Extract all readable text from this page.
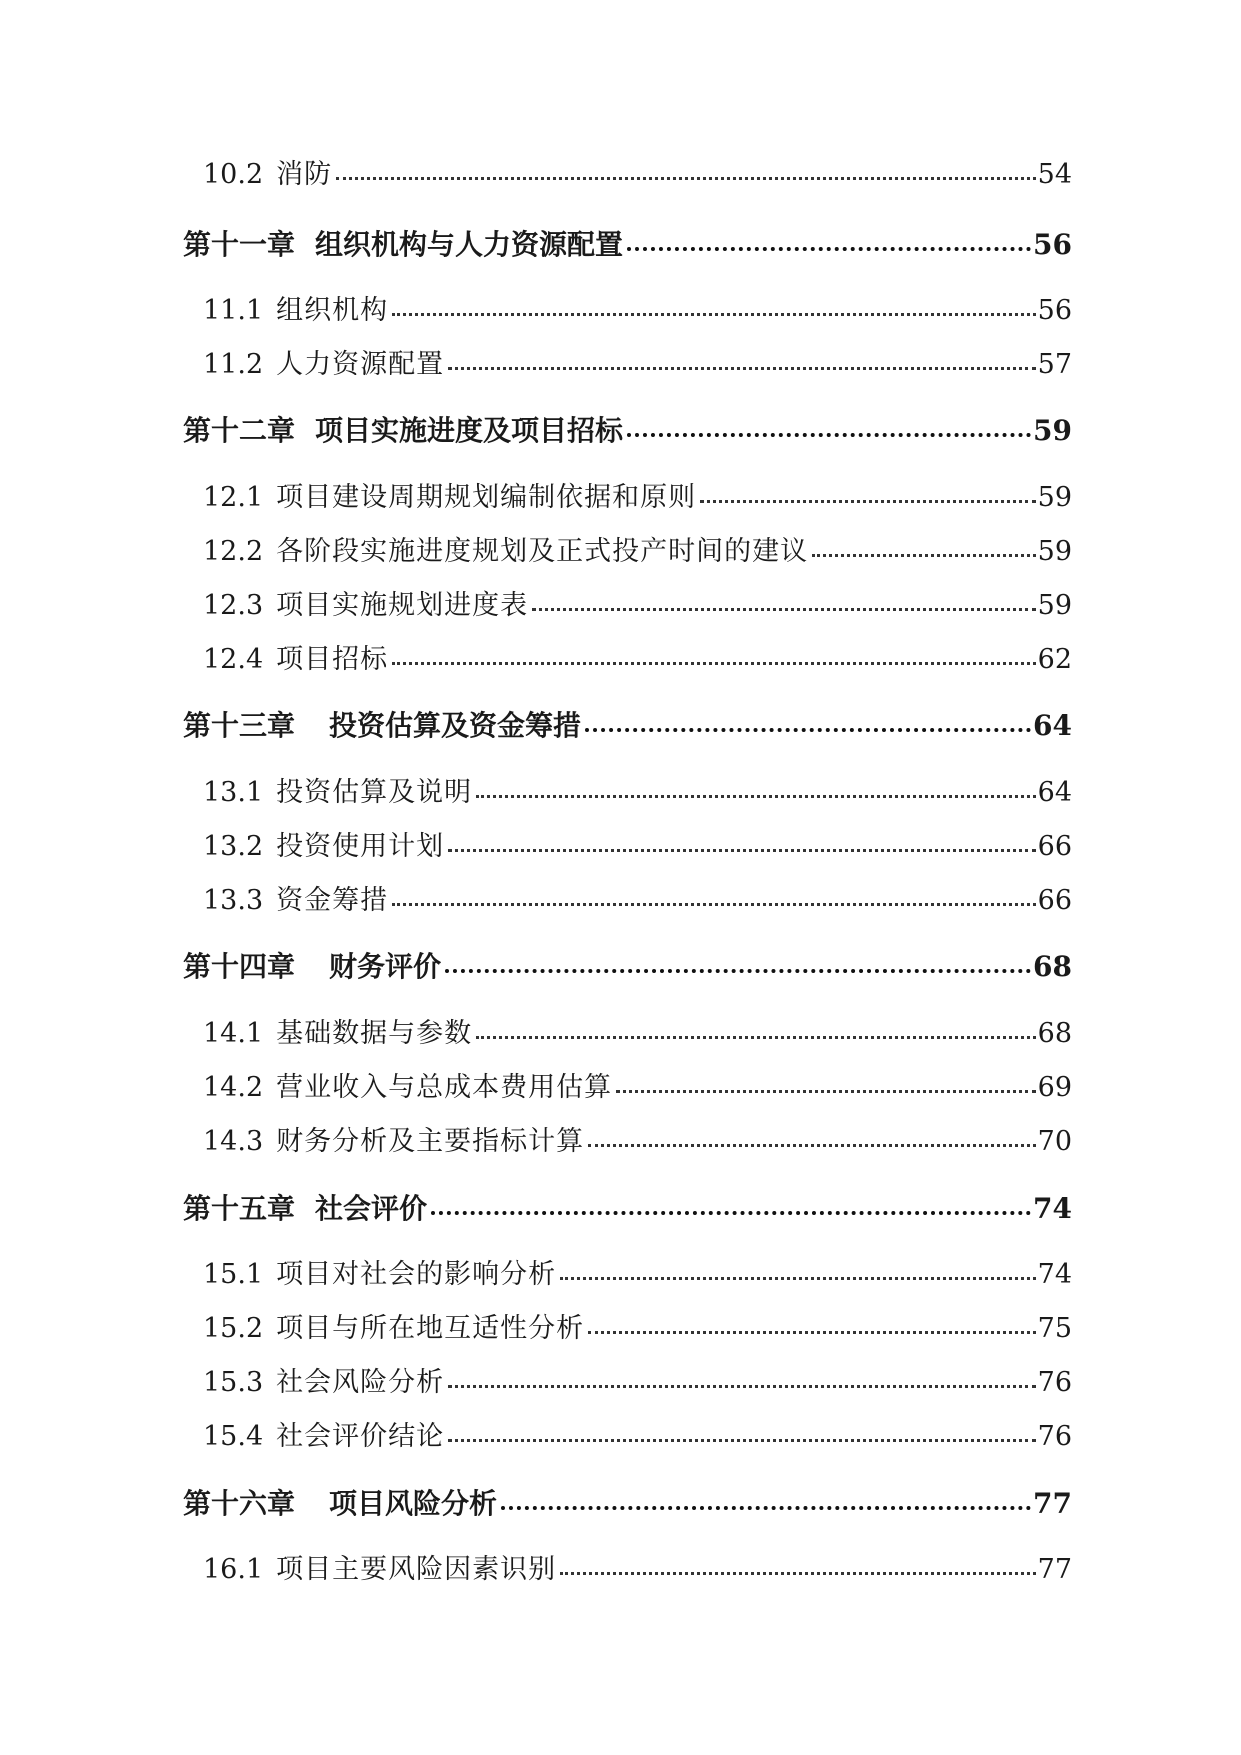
10.2 消防	54
第十一章 组织机构与人力资源配置	56
11.1 组织机构	56
11.2 人力资源配置	57
第十二章 项目实施进度及项目招标	59
12.1 项目建设周期规划编制依据和原则	59
12.2 各阶段实施进度规划及正式投产时间的建议	59
12.3 项目实施规划进度表	59
12.4 项目招标	62
第十三章 投资估算及资金筹措	64
13.1 投资估算及说明	64
13.2 投资使用计划	66
13.3 资金筹措	66
第十四章 财务评价	68
14.1 基础数据与参数	68
14.2 营业收入与总成本费用估算	69
14.3 财务分析及主要指标计算	70
第十五章 社会评价	74
15.1 项目对社会的影响分析	74
15.2 项目与所在地互适性分析	75
15.3 社会风险分析	76
15.4 社会评价结论	76
第十六章 项目风险分析	77
16.1 项目主要风险因素识别	77
